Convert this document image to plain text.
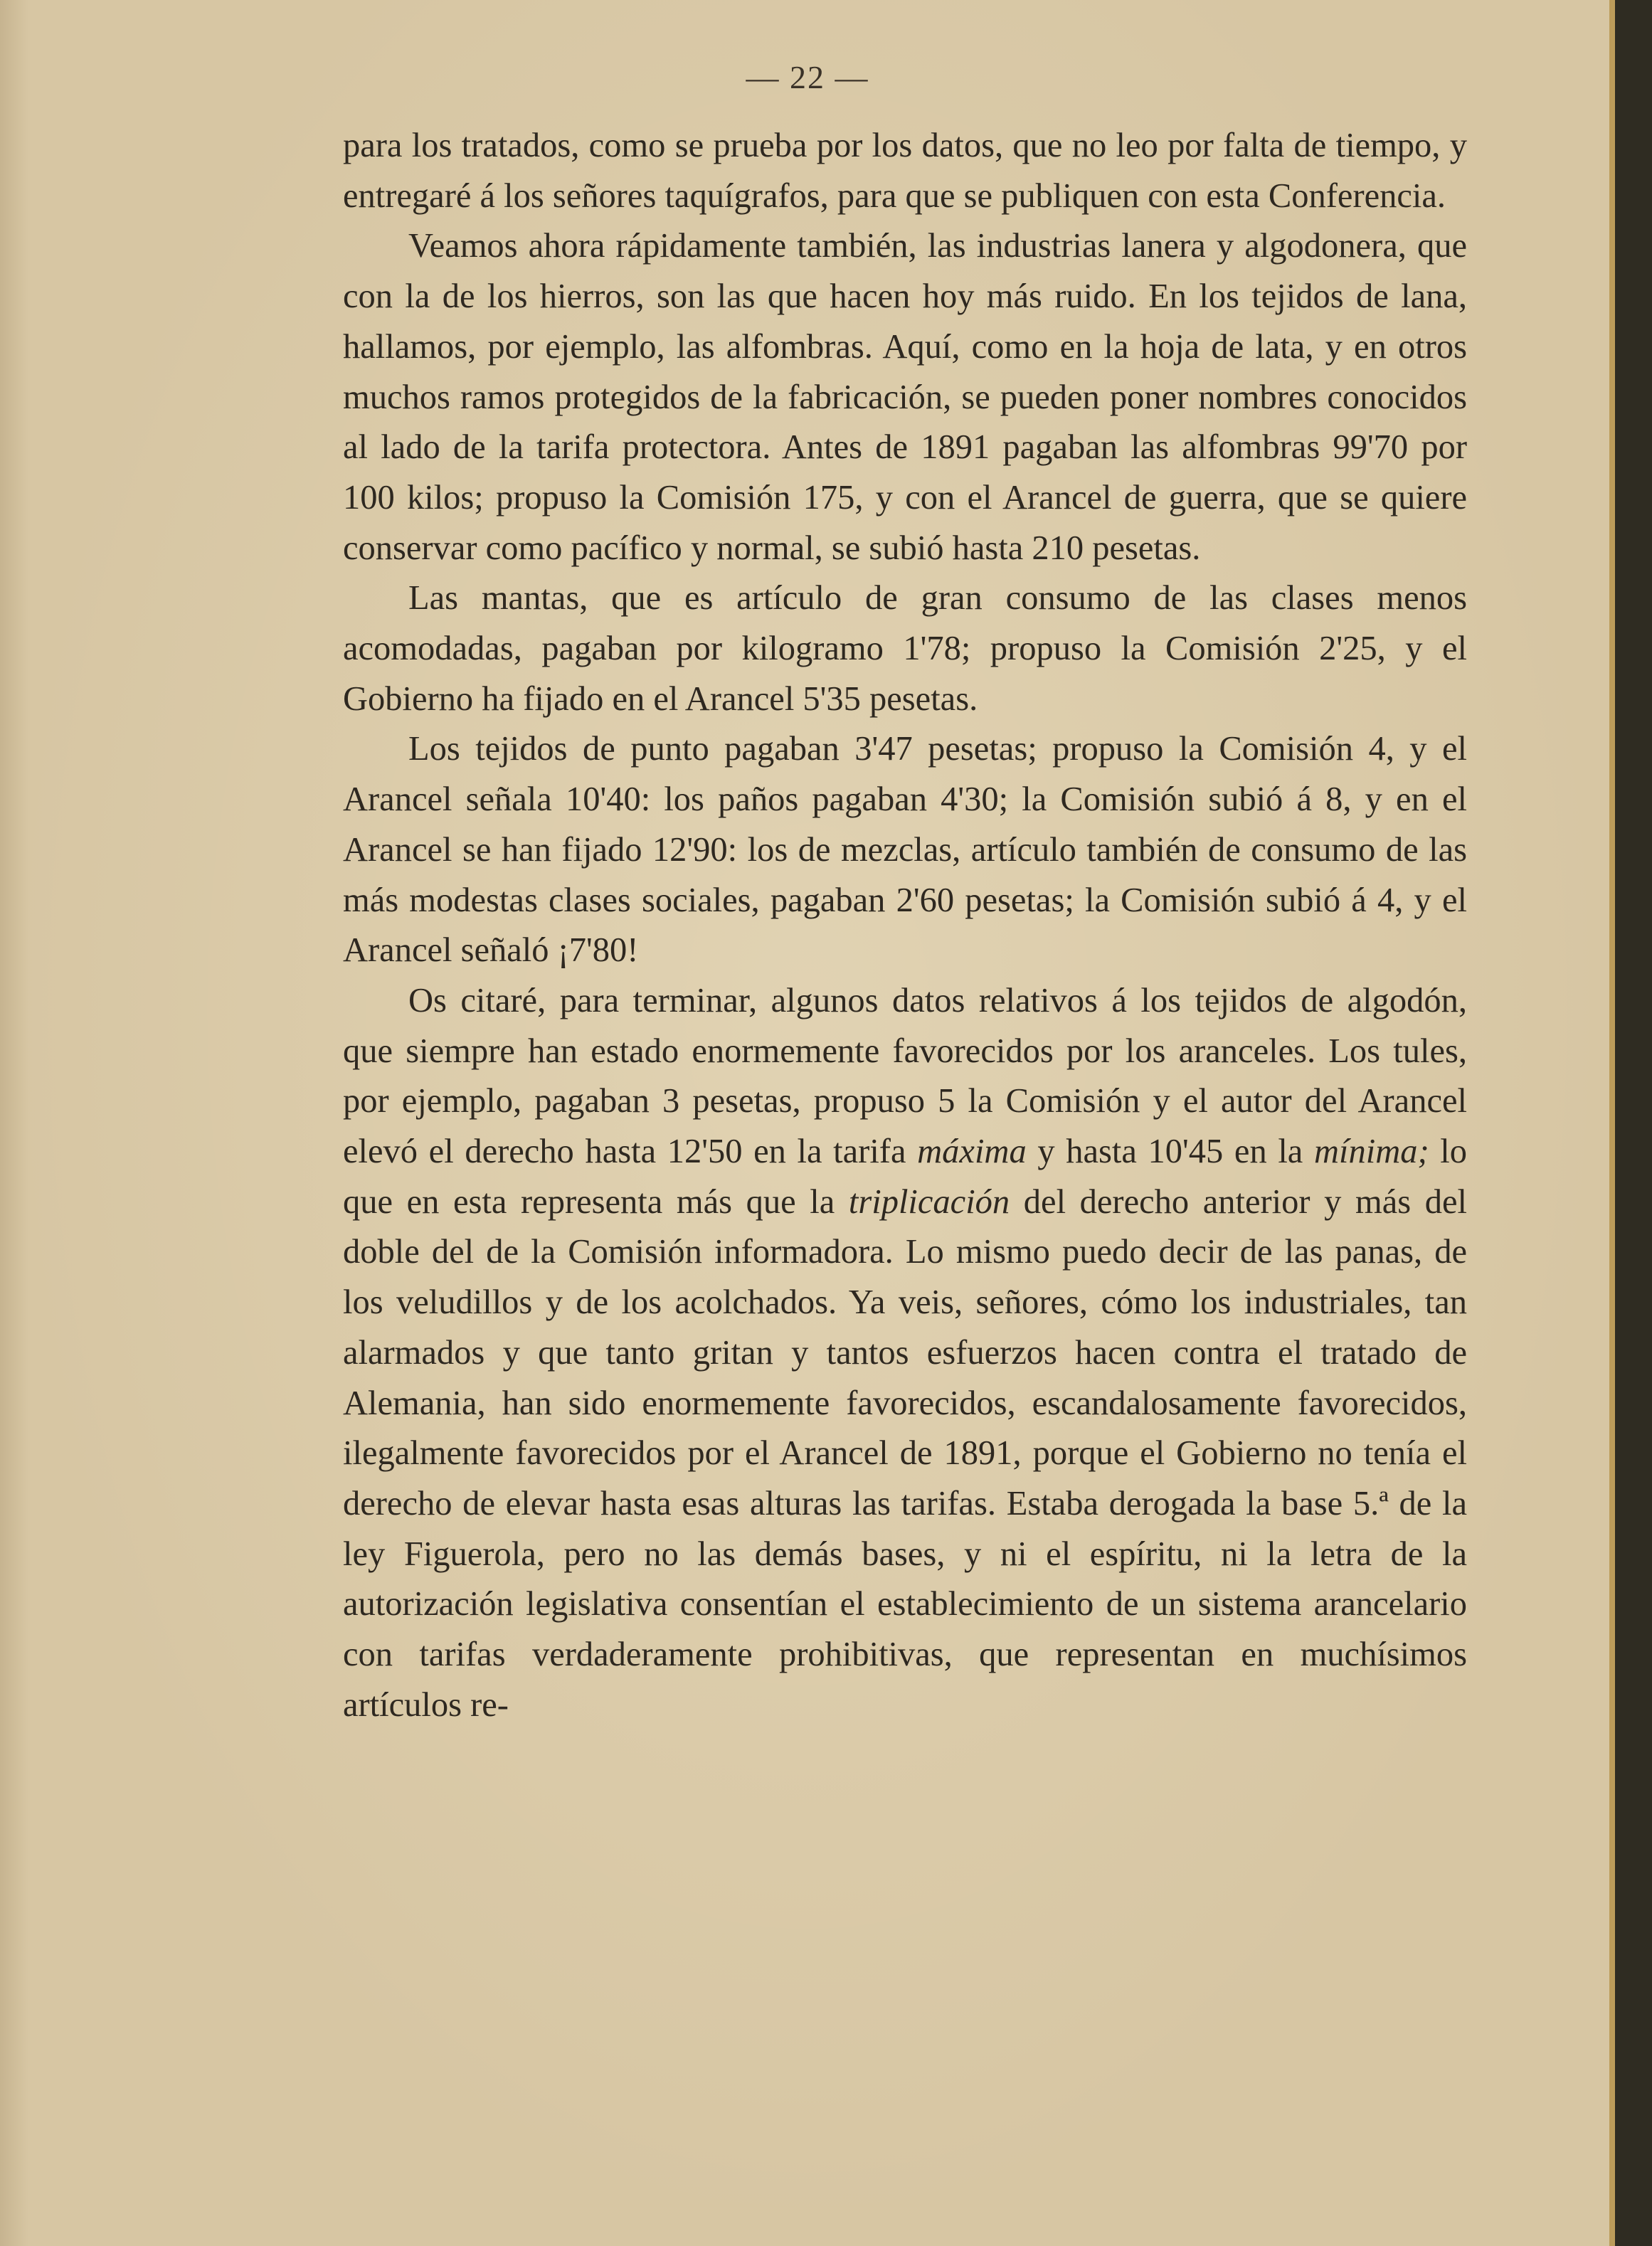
— 22 —

para los tratados, como se prueba por los datos, que no leo por falta de tiempo, y entregaré á los señores taquígrafos, para que se publiquen con esta Conferencia.

Veamos ahora rápidamente también, las industrias lanera y algodonera, que con la de los hierros, son las que hacen hoy más ruido. En los tejidos de lana, hallamos, por ejemplo, las alfombras. Aquí, como en la hoja de lata, y en otros muchos ramos protegidos de la fabricación, se pueden poner nombres conocidos al lado de la tarifa protectora. Antes de 1891 pagaban las alfombras 99'70 por 100 kilos; propuso la Comisión 175, y con el Arancel de guerra, que se quiere conservar como pacífico y normal, se subió hasta 210 pesetas.

Las mantas, que es artículo de gran consumo de las clases menos acomodadas, pagaban por kilogramo 1'78; propuso la Comisión 2'25, y el Gobierno ha fijado en el Arancel 5'35 pesetas.

Los tejidos de punto pagaban 3'47 pesetas; propuso la Comisión 4, y el Arancel señala 10'40: los paños pagaban 4'30; la Comisión subió á 8, y en el Arancel se han fijado 12'90: los de mezclas, artículo también de consumo de las más modestas clases sociales, pagaban 2'60 pesetas; la Comisión subió á 4, y el Arancel señaló ¡7'80!

Os citaré, para terminar, algunos datos relativos á los tejidos de algodón, que siempre han estado enormemente favorecidos por los aranceles. Los tules, por ejemplo, pagaban 3 pesetas, propuso 5 la Comisión y el autor del Arancel elevó el derecho hasta 12'50 en la tarifa máxima y hasta 10'45 en la mínima; lo que en esta representa más que la triplicación del derecho anterior y más del doble del de la Comisión informadora. Lo mismo puedo decir de las panas, de los veludillos y de los acolchados. Ya veis, señores, cómo los industriales, tan alarmados y que tanto gritan y tantos esfuerzos hacen contra el tratado de Alemania, han sido enormemente favorecidos, escandalosamente favorecidos, ilegalmente favorecidos por el Arancel de 1891, porque el Gobierno no tenía el derecho de elevar hasta esas alturas las tarifas. Estaba derogada la base 5.ª de la ley Figuerola, pero no las demás bases, y ni el espíritu, ni la letra de la autorización legislativa consentían el establecimiento de un sistema arancelario con tarifas verdaderamente prohibitivas, que representan en muchísimos artículos re-
